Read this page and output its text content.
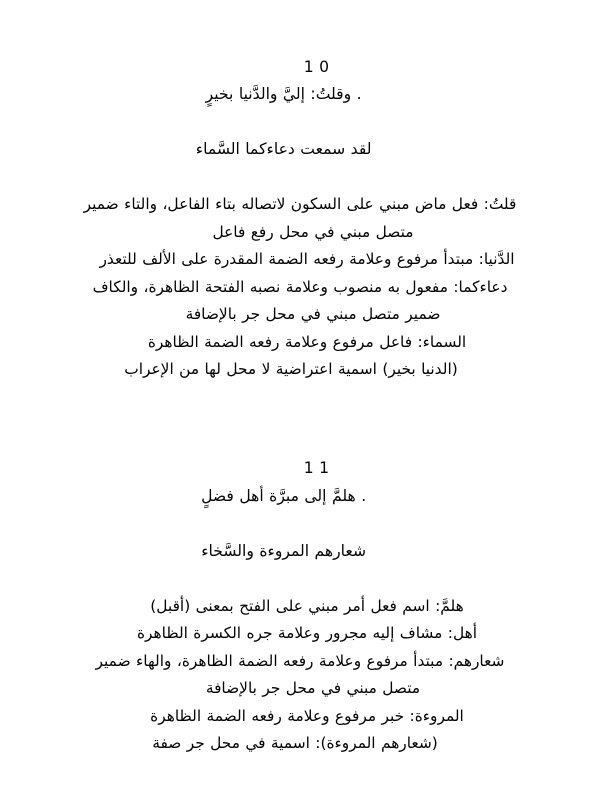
1 0
. وقلتُ: إليَّ والدَّنيا بخيرٍ

لقد سمعت دعاءكما السَّماء

قلتُ: فعل ماض مبني على السكون لاتصاله بتاء الفاعل، والتاء ضمير
متصل مبني في محل رفع فاعل
الدَّنيا: مبتدأ مرفوع وعلامة رفعه الضمة المقدرة على الألف للتعذر
دعاءكما: مفعول به منصوب وعلامة نصبه الفتحة الظاهرة، والكاف
ضمير متصل مبني في محل جر بالإضافة
السماء: فاعل مرفوع وعلامة رفعه الضمة الظاهرة
(الدنيا بخير) اسمية اعتراضية لا محل لها من الإعراب

1 1
. هلمَّ إلى مبرَّة أهل فضلٍ

شعارهم المروءة والسَّخاء

هلمَّ: اسم فعل أمر مبني على الفتح بمعنى (أقبل)
أهل: مشاف إليه مجرور وعلامة جره الكسرة الظاهرة
شعارهم: مبتدأ مرفوع وعلامة رفعه الضمة الظاهرة، والهاء ضمير
متصل مبني في محل جر بالإضافة
المروءة: خبر مرفوع وعلامة رفعه الضمة الظاهرة
(شعارهم المروءة): اسمية في محل جر صفة
